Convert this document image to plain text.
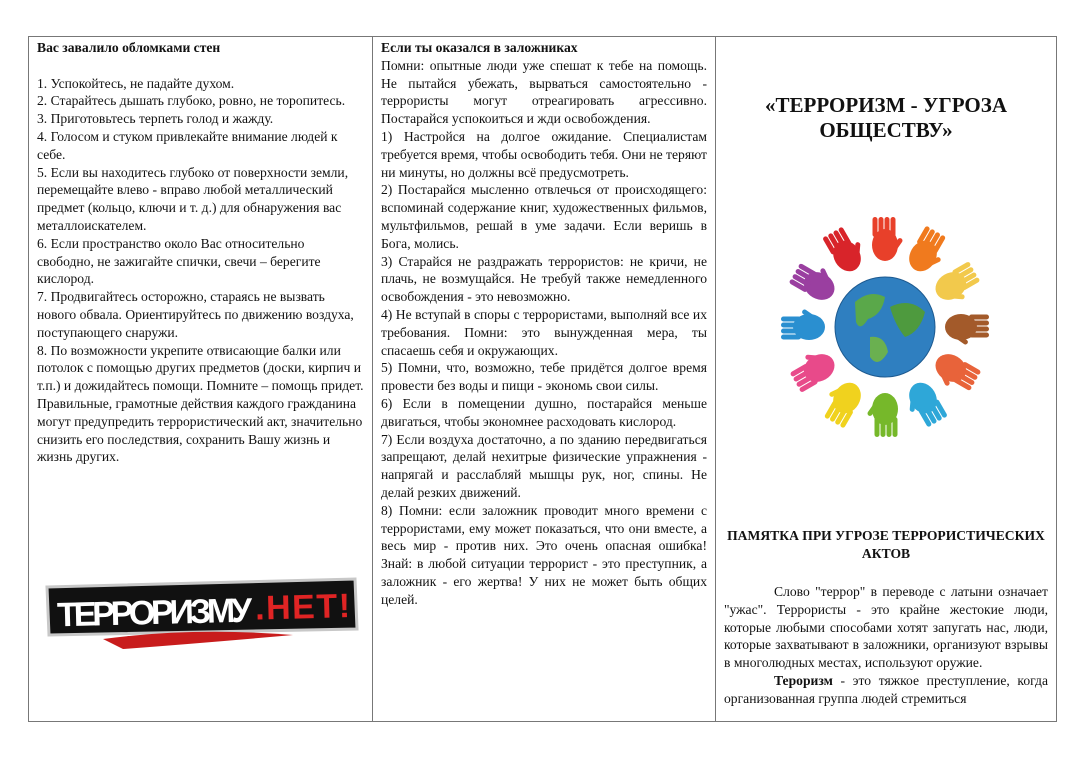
Вас завалило обломками стен

1. Успокойтесь, не падайте духом.

2. Старайтесь дышать глубоко, ровно, не торопитесь.

3. Приготовьтесь терпеть голод и жажду.

4. Голосом и стуком привлекайте внимание людей к себе.

5. Если вы находитесь глубоко от поверхности земли, перемещайте влево - вправо любой металлический предмет (кольцо, ключи и т. д.) для обнаружения вас металлоискателем.

6. Если пространство около Вас относительно свободно, не зажигайте спички, свечи – берегите кислород.

7. Продвигайтесь осторожно, стараясь не вызвать нового обвала. Ориентируйтесь по движению воздуха, поступающего снаружи.

8. По возможности укрепите отвисающие балки или потолок с помощью других предметов (доски, кирпич и т.п.) и дожидайтесь помощи. Помните – помощь придет.

Правильные, грамотные действия каждого гражданина могут предупредить террористический акт, значительно снизить его последствия, сохранить Вашу жизнь и жизнь других.

ТЕРРОРИЗМУ .НЕТ!

Если ты оказался в заложниках

Помни: опытные люди уже спешат к тебе на помощь. Не пытайся убежать, вырваться самостоятельно - террористы могут отреагировать агрессивно. Постарайся успокоиться и жди освобождения.

1) Настройся на долгое ожидание. Специалистам требуется время, чтобы освободить тебя. Они не теряют ни минуты, но должны всё предусмотреть.

2) Постарайся мысленно отвлечься от происходящего: вспоминай содержание книг, художественных фильмов, мультфильмов, решай в уме задачи. Если веришь в Бога, молись.

3) Старайся не раздражать террористов: не кричи, не плачь, не возмущайся. Не требуй также немедленного освобождения - это невозможно.

4) Не вступай в споры с террористами, выполняй все их требования. Помни: это вынужденная мера, ты спасаешь себя и окружающих.

5) Помни, что, возможно, тебе придётся долгое время провести без воды и пищи - экономь свои силы.

6) Если в помещении душно, постарайся меньше двигаться, чтобы экономнее расходовать кислород.

7) Если воздуха достаточно, а по зданию передвигаться запрещают, делай нехитрые физические упражнения - напрягай и расслабляй мышцы рук, ног, спины. Не делай резких движений.

8) Помни: если заложник проводит много времени с террористами, ему может показаться, что они вместе, а весь мир - против них. Это очень опасная ошибка! Знай: в любой ситуации террорист - это преступник, а заложник - его жертва! У них не может быть общих целей.

«ТЕРРОРИЗМ - УГРОЗА ОБЩЕСТВУ»
ПАМЯТКА ПРИ УГРОЗЕ ТЕРРОРИСТИЧЕСКИХ АКТОВ

Слово "террор" в переводе с латыни означает "ужас". Террористы - это крайне жестокие люди, которые любыми способами хотят запугать нас, люди, которые захватывают в заложники, организуют взрывы в многолюдных местах, используют оружие.

Тероризм - это тяжкое преступление, когда организованная группа людей стремиться
